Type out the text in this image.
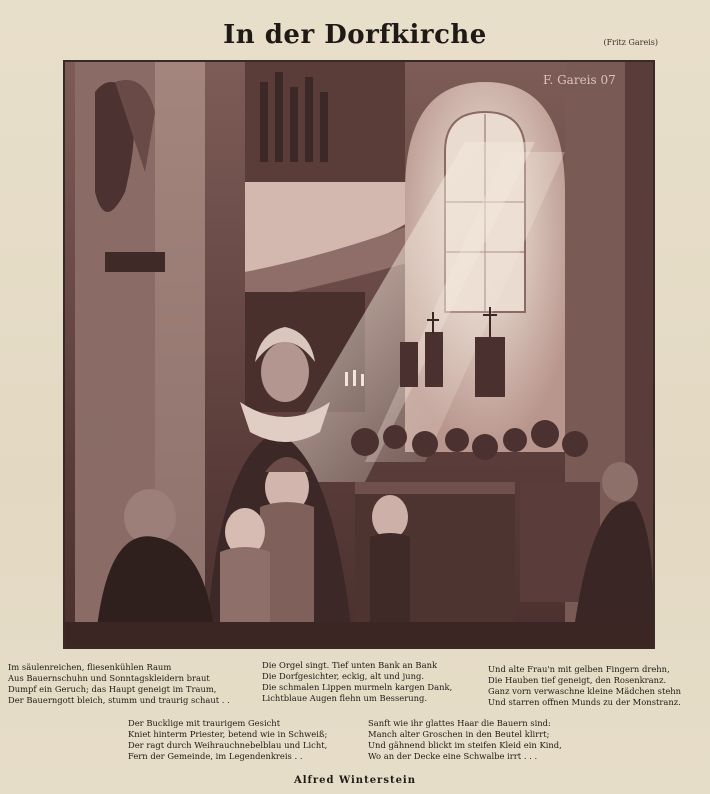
In der Dorfkirche	(Fritz Gareis)
F. Gareis 07
Im säulenreichen, fliesenkühlen Raum
Aus Bauernschuhn und Sonntagskleidern braut
Dumpf ein Geruch; das Haupt geneigt im Traum,
Der Bauerngott bleich, stumm und traurig schaut . .
Die Orgel singt. Tief unten Bank an Bank
Die Dorfgesichter, eckig, alt und jung.
Die schmalen Lippen murmeln kargen Dank,
Lichtblaue Augen flehn um Besserung.
Und alte Frau'n mit gelben Fingern drehn,
Die Hauben tief geneigt, den Rosenkranz.
Ganz vorn verwaschne kleine Mädchen stehn
Und starren offnen Munds zu der Monstranz.
Der Bucklige mit traurigem Gesicht
Kniet hinterm Priester, betend wie in Schweiß;
Der ragt durch Weihrauchnebelblau und Licht,
Fern der Gemeinde, im Legendenkreis . .
Sanft wie ihr glattes Haar die Bauern sind:
Manch alter Groschen in den Beutel klirrt;
Und gähnend blickt im steifen Kleid ein Kind,
Wo an der Decke eine Schwalbe irrt . . .
Alfred Winterstein
